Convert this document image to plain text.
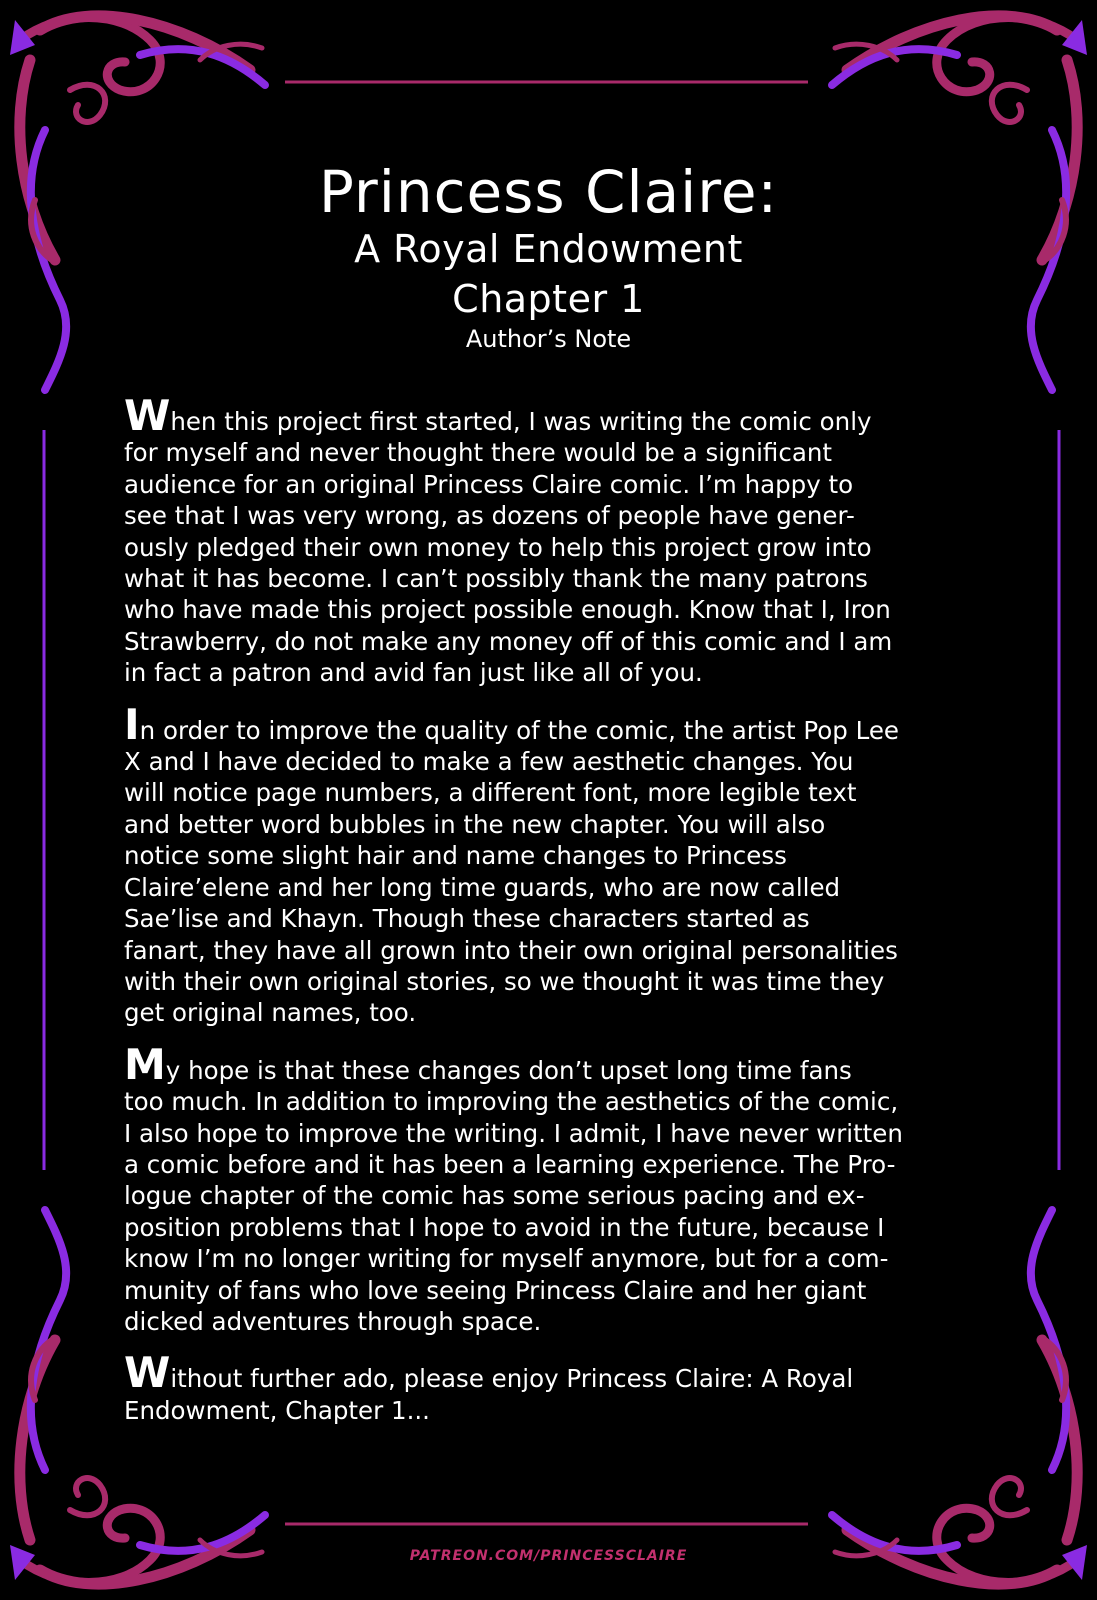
Princess Claire:
A Royal Endowment
Chapter 1
Author’s Note

When this project first started, I was writing the comic only
for myself and never thought there would be a significant
audience for an original Princess Claire comic. I’m happy to
see that I was very wrong, as dozens of people have gener-
ously pledged their own money to help this project grow into
what it has become. I can’t possibly thank the many patrons
who have made this project possible enough. Know that I, Iron
Strawberry, do not make any money off of this comic and I am
in fact a patron and avid fan just like all of you.

In order to improve the quality of the comic, the artist Pop Lee
X and I have decided to make a few aesthetic changes. You
will notice page numbers, a different font, more legible text
and better word bubbles in the new chapter. You will also
notice some slight hair and name changes to Princess
Claire’elene and her long time guards, who are now called
Sae’lise and Khayn. Though these characters started as
fanart, they have all grown into their own original personalities
with their own original stories, so we thought it was time they
get original names, too.

My hope is that these changes don’t upset long time fans
too much. In addition to improving the aesthetics of the comic,
I also hope to improve the writing. I admit, I have never written
a comic before and it has been a learning experience. The Pro-
logue chapter of the comic has some serious pacing and ex-
position problems that I hope to avoid in the future, because I
know I’m no longer writing for myself anymore, but for a com-
munity of fans who love seeing Princess Claire and her giant
dicked adventures through space.

Without further ado, please enjoy Princess Claire: A Royal
Endowment, Chapter 1...

PATREON.COM/PRINCESSCLAIRE
